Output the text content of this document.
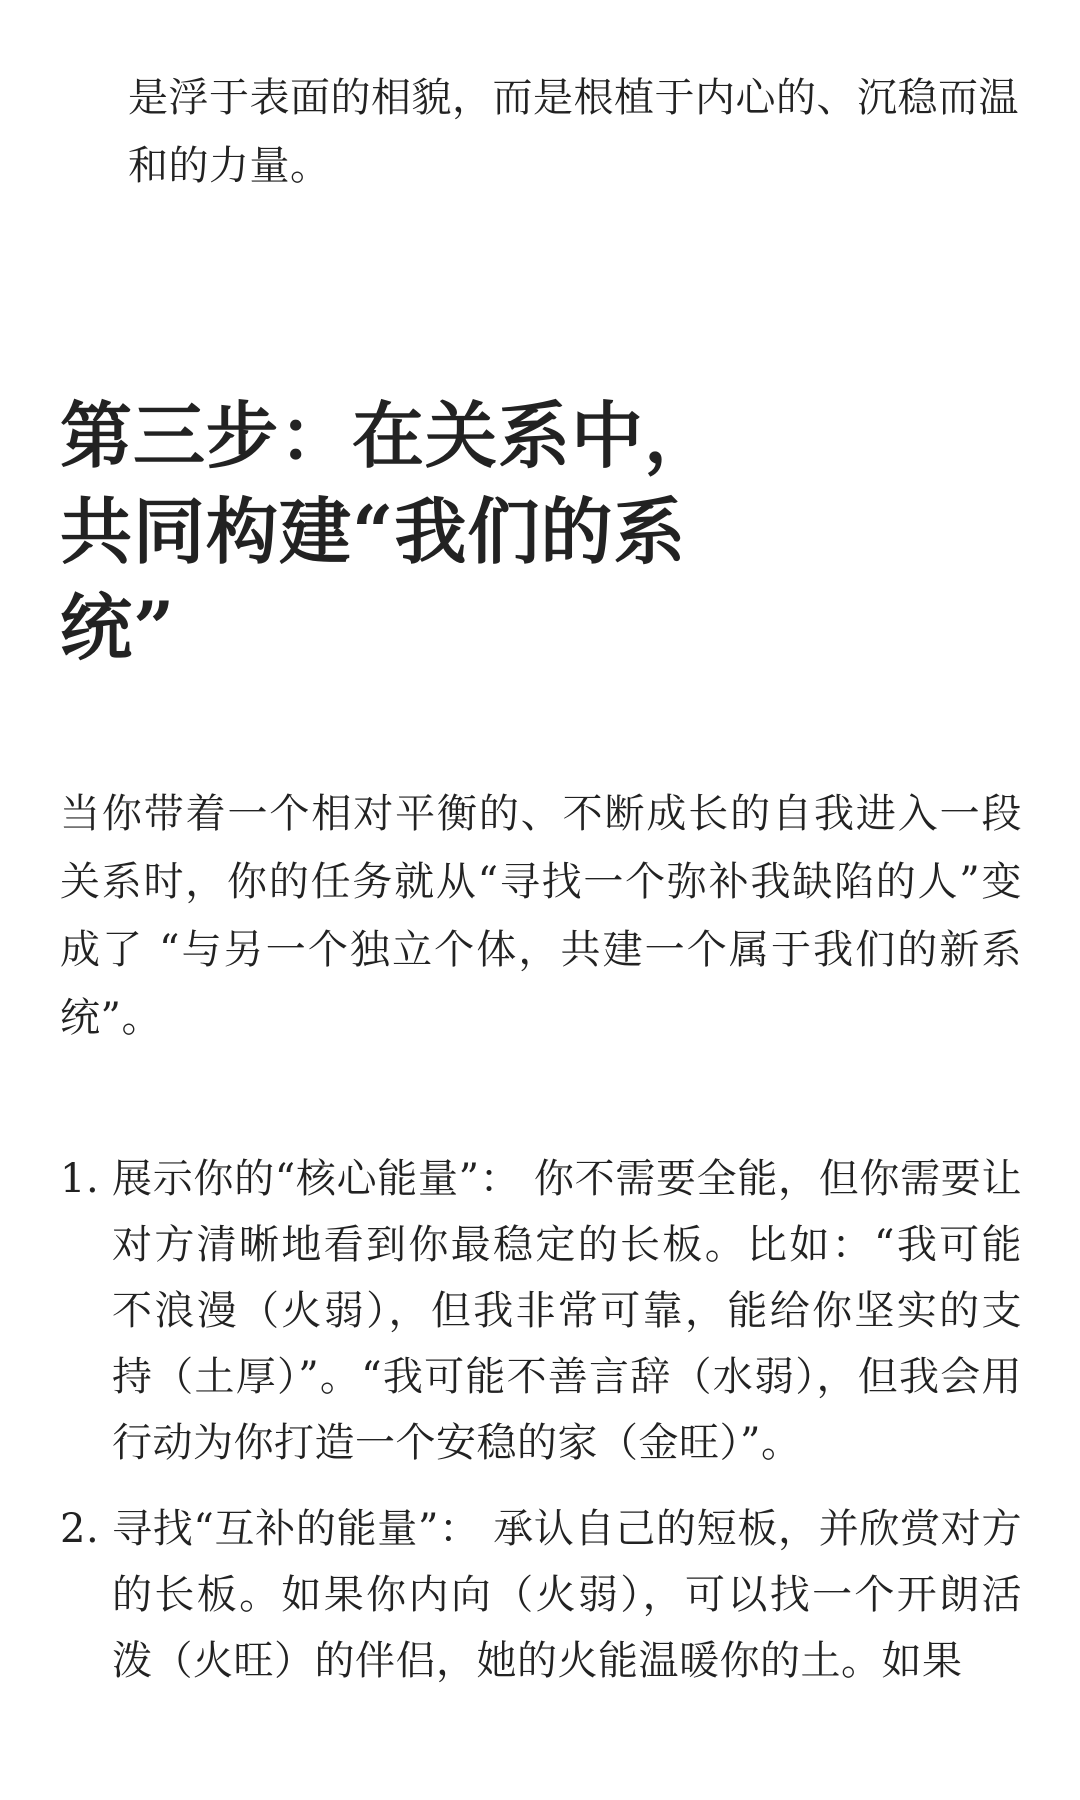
是浮于表面的相貌，而是根植于内心的、沉稳而温和的力量。
第三步：在关系中，共同构建“我们的系统”
当你带着一个相对平衡的、不断成长的自我进入一段关系时，你的任务就从“寻找一个弥补我缺陷的人”变成了 “与另一个独立个体，共建一个属于我们的新系统”。
1. 展示你的“核心能量”： 你不需要全能，但你需要让对方清晰地看到你最稳定的长板。比如：“我可能不浪漫（火弱），但我非常可靠，能给你坚实的支持（土厚）”。“我可能不善言辞（水弱），但我会用行动为你打造一个安稳的家（金旺）”。
2. 寻找“互补的能量”： 承认自己的短板，并欣赏对方的长板。如果你内向（火弱），可以找一个开朗活泼（火旺）的伴侣，她的火能温暖你的土。如果
